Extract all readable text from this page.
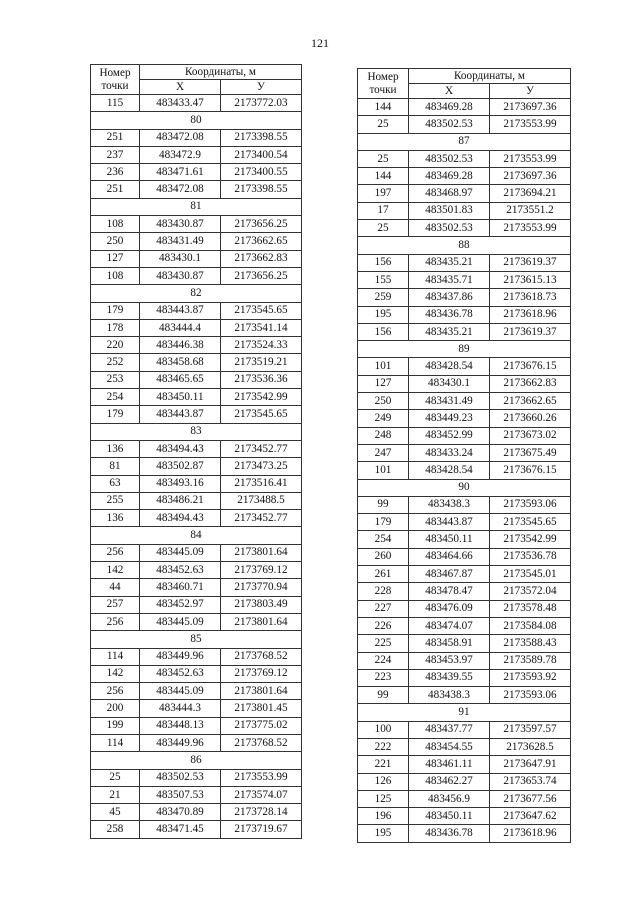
121
Номер
точки	Координаты, м	
	X	У
115	483433.47	2173772.03
80		
251	483472.08	2173398.55
237	483472.9	2173400.54
236	483471.61	2173400.55
251	483472.08	2173398.55
81		
108	483430.87	2173656.25
250	483431.49	2173662.65
127	483430.1	2173662.83
108	483430.87	2173656.25
82		
179	483443.87	2173545.65
178	483444.4	2173541.14
220	483446.38	2173524.33
252	483458.68	2173519.21
253	483465.65	2173536.36
254	483450.11	2173542.99
179	483443.87	2173545.65
83		
136	483494.43	2173452.77
81	483502.87	2173473.25
63	483493.16	2173516.41
255	483486.21	2173488.5
136	483494.43	2173452.77
84		
256	483445.09	2173801.64
142	483452.63	2173769.12
44	483460.71	2173770.94
257	483452.97	2173803.49
256	483445.09	2173801.64
85		
114	483449.96	2173768.52
142	483452.63	2173769.12
256	483445.09	2173801.64
200	483444.3	2173801.45
199	483448.13	2173775.02
114	483449.96	2173768.52
86		
25	483502.53	2173553.99
21	483507.53	2173574.07
45	483470.89	2173728.14
258	483471.45	2173719.67
Номер
точки	Координаты, м	
	X	У
144	483469.28	2173697.36
25	483502.53	2173553.99
87		
25	483502.53	2173553.99
144	483469.28	2173697.36
197	483468.97	2173694.21
17	483501.83	2173551.2
25	483502.53	2173553.99
88		
156	483435.21	2173619.37
155	483435.71	2173615.13
259	483437.86	2173618.73
195	483436.78	2173618.96
156	483435.21	2173619.37
89		
101	483428.54	2173676.15
127	483430.1	2173662.83
250	483431.49	2173662.65
249	483449.23	2173660.26
248	483452.99	2173673.02
247	483433.24	2173675.49
101	483428.54	2173676.15
90		
99	483438.3	2173593.06
179	483443.87	2173545.65
254	483450.11	2173542.99
260	483464.66	2173536.78
261	483467.87	2173545.01
228	483478.47	2173572.04
227	483476.09	2173578.48
226	483474.07	2173584.08
225	483458.91	2173588.43
224	483453.97	2173589.78
223	483439.55	2173593.92
99	483438.3	2173593.06
91		
100	483437.77	2173597.57
222	483454.55	2173628.5
221	483461.11	2173647.91
126	483462.27	2173653.74
125	483456.9	2173677.56
196	483450.11	2173647.62
195	483436.78	2173618.96
